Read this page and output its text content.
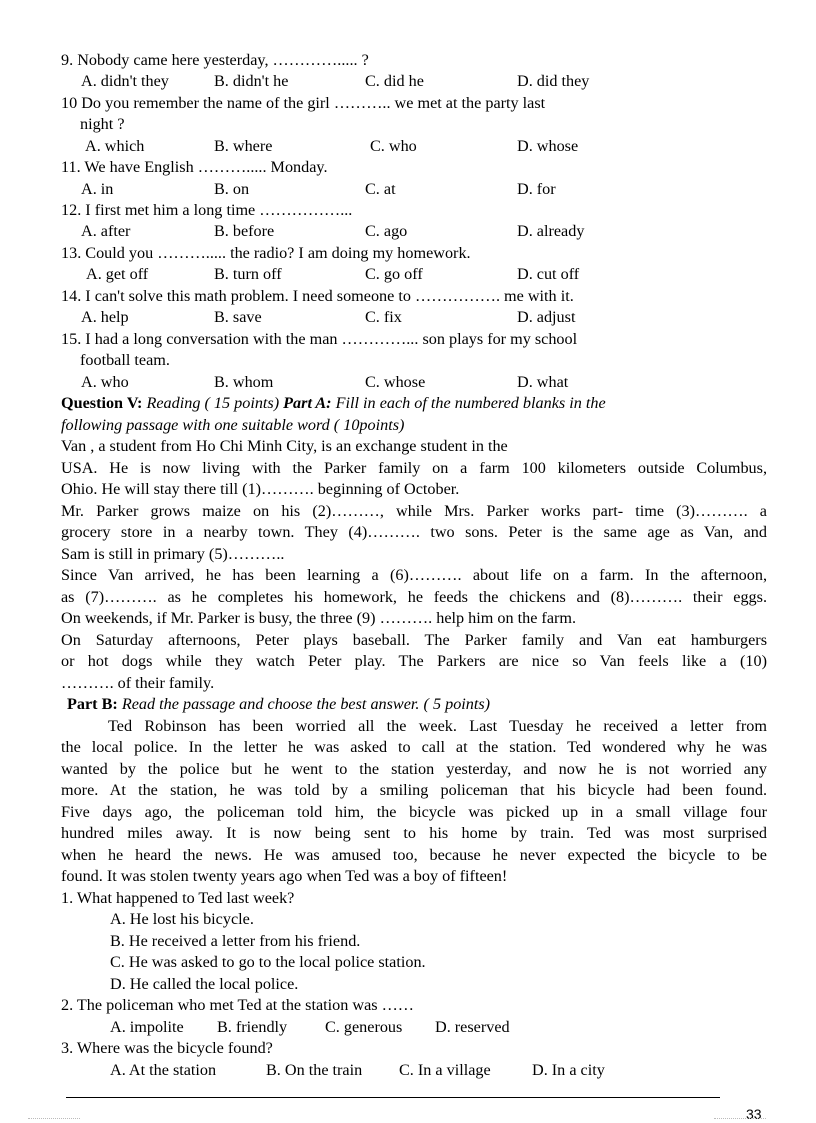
9. Nobody came here yesterday, …………..... ?
A. didn't they	B. didn't he	C. did he	D. did they
10 Do you remember the name of the girl ……….. we met at the party last
night ?
A. which	B. where	C. who	D. whose
11. We have English ………..... Monday.
A. in	B. on	C. at	D. for
12. I first met him a long time ……………...
A. after	B. before	C. ago	D. already
13. Could you ………..... the radio? I am doing my homework.
A. get off	B. turn off	C. go off	D. cut off
14. I can't solve this math problem. I need someone to ……………. me with it.
A. help	B. save	C. fix	D. adjust
15. I had a long conversation with the man …………... son plays for my school
football team.
A. who	B. whom	C. whose	D. what
Question V: Reading ( 15 points) Part A: Fill in each of the numbered blanks in the
following passage with one suitable word ( 10points)
Van , a student from Ho Chi Minh City, is an exchange student in the
USA. He is now living with the Parker family on a farm 100 kilometers outside Columbus,
Ohio. He will stay there till (1)………. beginning of October.
Mr. Parker grows maize on his (2)………, while Mrs. Parker works part- time (3)………. a
grocery store in a nearby town. They (4)………. two sons. Peter is the same age as Van, and
Sam is still in primary (5)………..
Since Van arrived, he has been learning a (6)………. about life on a farm. In the afternoon,
as (7)………. as he completes his homework, he feeds the chickens and (8)………. their eggs.
On weekends, if Mr. Parker is busy, the three (9) ………. help him on the farm.
On Saturday afternoons, Peter plays baseball. The Parker family and Van eat hamburgers
or hot dogs while they watch Peter play. The Parkers are nice so Van feels like a (10)
………. of their family.
Part B: Read the passage and choose the best answer. ( 5 points)
Ted Robinson has been worried all the week. Last Tuesday he received a letter from
the local police. In the letter he was asked to call at the station. Ted wondered why he was
wanted by the police but he went to the station yesterday, and now he is not worried any
more. At the station, he was told by a smiling policeman that his bicycle had been found.
Five days ago, the policeman told him, the bicycle was picked up in a small village four
hundred miles away. It is now being sent to his home by train. Ted was most surprised
when he heard the news. He was amused too, because he never expected the bicycle to be
found. It was stolen twenty years ago when Ted was a boy of fifteen!
1. What happened to Ted last week?
A. He lost his bicycle.
B. He received a letter from his friend.
C. He was asked to go to the local police station.
D. He called the local police.
2. The policeman who met Ted at the station was ……
A. impolite B. friendly C. generous D. reserved
3. Where was the bicycle found?
A. At the station	B. On the train C. In a village	D. In a city
33
